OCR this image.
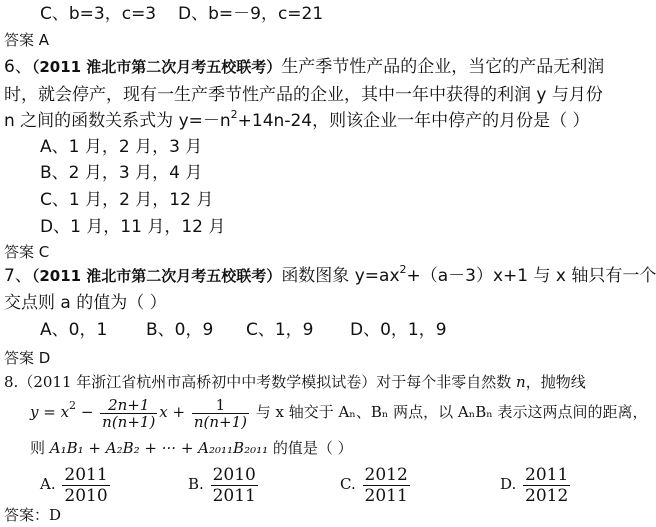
C、b=3，c=3 D、b=－9，c=21
答案 A
6、（2011 淮北市第二次月考五校联考）生产季节性产品的企业，当它的产品无利润
时，就会停产，现有一生产季节性产品的企业，其中一年中获得的利润 y 与月份
n 之间的函数关系式为 $y=-n^2+14n-24$，则该企业一年中停产的月份是（ ）
A、1 月，2 月，3 月
B、2 月，3 月，4 月
C、1 月，2 月，12 月
D、1 月，11 月，12 月
答案 C
7、（2011 淮北市第二次月考五校联考）函数图象 $y=ax^2+(a-3)x+1$ 与 x 轴只有一个
交点则 a 的值为（ ）
A、0，1 B、0，9 C、1，9 D、0，1，9
答案 D
8.（2011 年浙江省杭州市高桥初中中考数学模拟试卷）对于每个非零自然数 n，抛物线
$y = x^2 - \frac{2n+1}{n(n+1)}$ $x + \frac{1}{n(n+1)}$ 与 x 轴交于 Aₙ、Bₙ 两点，以 AₙBₙ 表示这两点间的距离，
则 A₁B₁ + A₂B₂ + ··· + A₂₀₁₁B₂₀₁₁ 的值是（ ）
A. $\frac{2011}{2010}$	B. $\frac{2010}{2011}$	C. $\frac{2012}{2011}$	D. $\frac{2011}{2012}$
答案：D
